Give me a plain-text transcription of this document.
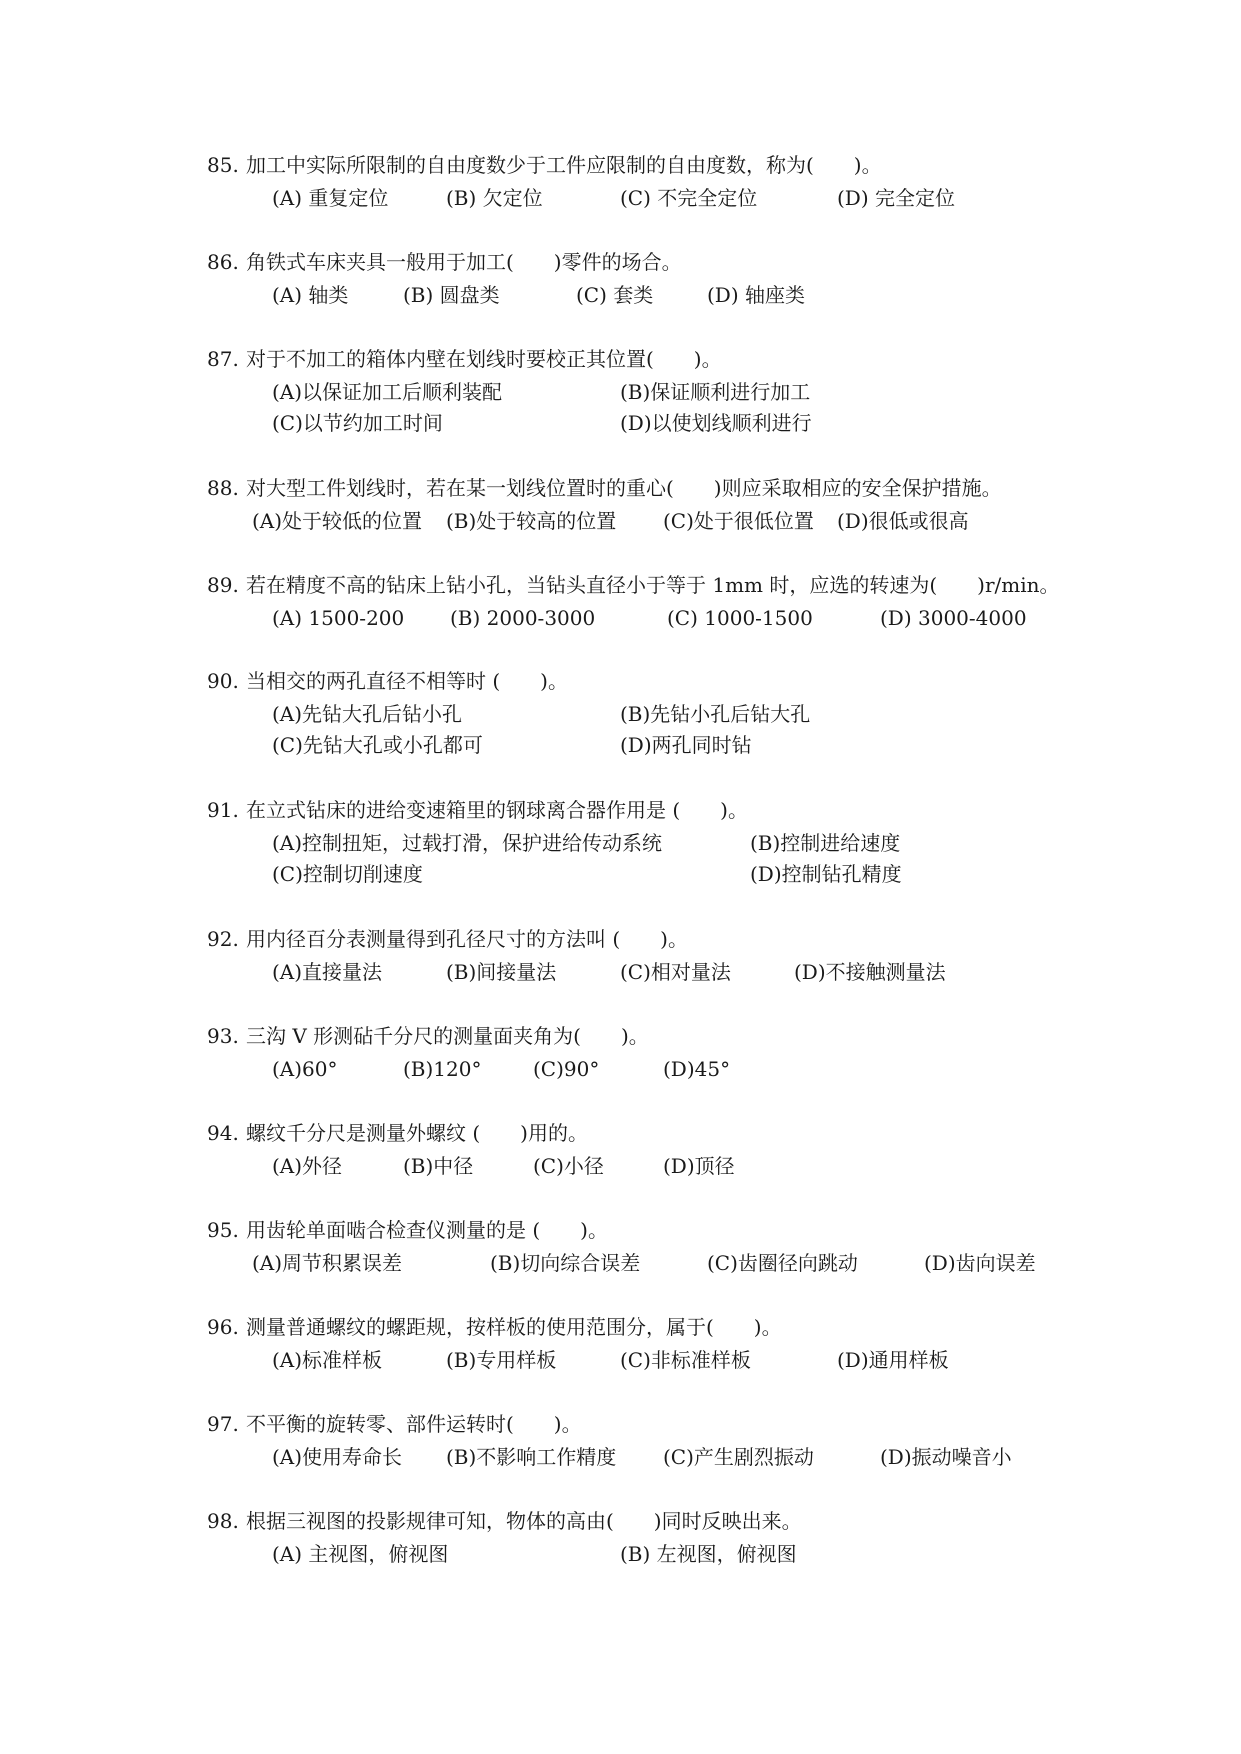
85. 加工中实际所限制的自由度数少于工件应限制的自由度数，称为(　　)。
(A) 重复定位	(B) 欠定位	(C) 不完全定位	(D) 完全定位
86. 角铁式车床夹具一般用于加工(　　)零件的场合。
(A) 轴类	(B) 圆盘类	(C) 套类	(D) 轴座类
87. 对于不加工的箱体内壁在划线时要校正其位置(　　)。
(A)以保证加工后顺利装配	(B)保证顺利进行加工
(C)以节约加工时间	(D)以使划线顺利进行
88. 对大型工件划线时，若在某一划线位置时的重心(　　)则应采取相应的安全保护措施。
(A)处于较低的位置 (B)处于较高的位置 (C)处于很低位置 (D)很低或很高
89. 若在精度不高的钻床上钻小孔，当钻头直径小于等于 1mm 时，应选的转速为(　　)r/min。
(A) 1500-200 (B) 2000-3000	(C) 1000-1500	(D) 3000-4000
90. 当相交的两孔直径不相等时 (　　)。
(A)先钻大孔后钻小孔	(B)先钻小孔后钻大孔
(C)先钻大孔或小孔都可	(D)两孔同时钻
91. 在立式钻床的进给变速箱里的钢球离合器作用是 (　　)。
(A)控制扭矩，过载打滑，保护进给传动系统	(B)控制进给速度
(C)控制切削速度	(D)控制钻孔精度
92. 用内径百分表测量得到孔径尺寸的方法叫 (　　)。
(A)直接量法	(B)间接量法	(C)相对量法	(D)不接触测量法
93. 三沟 V 形测砧千分尺的测量面夹角为(　　)。
(A)60°	(B)120°	(C)90°	(D)45°
94. 螺纹千分尺是测量外螺纹 (　　)用的。
(A)外径	(B)中径	(C)小径	(D)顶径
95. 用齿轮单面啮合检查仪测量的是 (　　)。
(A)周节积累误差	(B)切向综合误差	(C)齿圈径向跳动	(D)齿向误差
96. 测量普通螺纹的螺距规，按样板的使用范围分，属于(　　)。
(A)标准样板	(B)专用样板	(C)非标准样板	(D)通用样板
97. 不平衡的旋转零、部件运转时(　　)。
(A)使用寿命长 (B)不影响工作精度 (C)产生剧烈振动	(D)振动噪音小
98. 根据三视图的投影规律可知，物体的高由(　　)同时反映出来。
(A) 主视图，俯视图	(B) 左视图，俯视图
